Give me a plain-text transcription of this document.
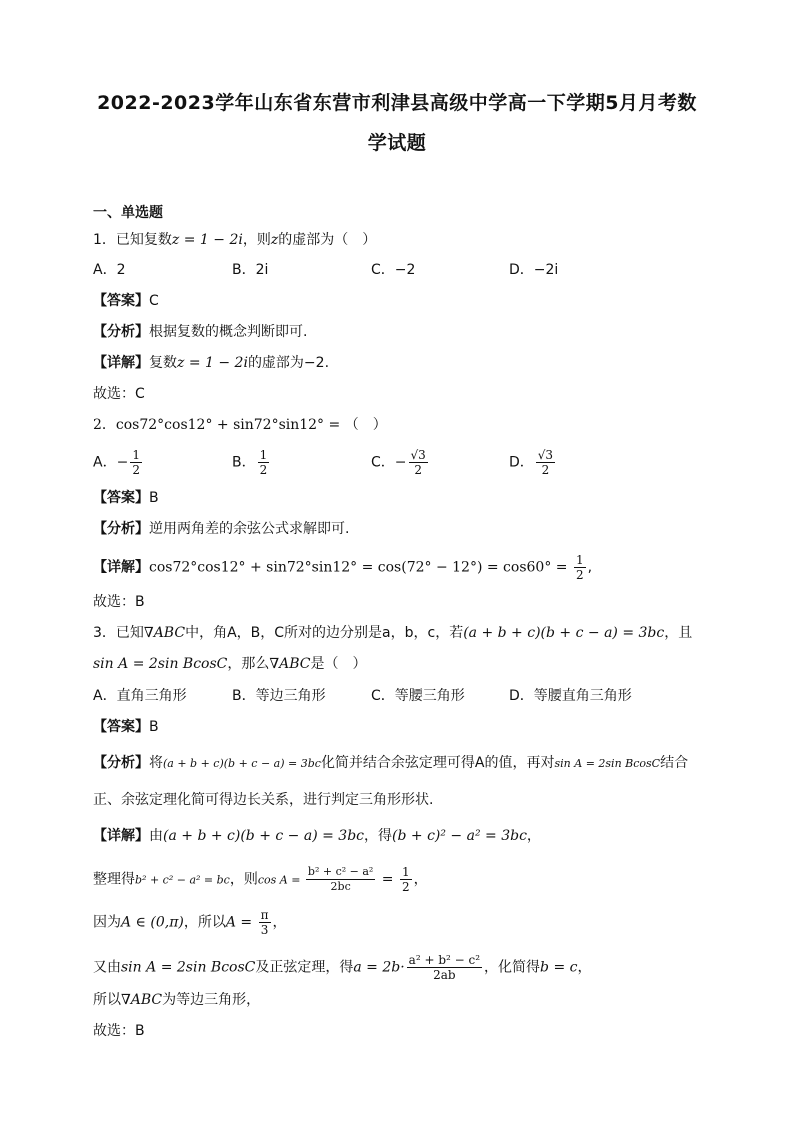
2022-2023学年山东省东营市利津县高级中学高一下学期5月月考数
学试题
一、单选题
1．已知复数z = 1 − 2i，则z的虚部为（　）
A．2	B．2i	C．−2	D．−2i
【答案】C
【分析】根据复数的概念判断即可.
【详解】复数z = 1 − 2i的虚部为−2.
故选：C
2．cos72°cos12° + sin72°sin12° = （　）
A．− $\frac{1}{2}$	B． $\frac{1}{2}$	C．− $\frac{√3}{2}$	D． $\frac{√3}{2}$
【答案】B
【分析】逆用两角差的余弦公式求解即可.
【详解】$\cos 72^\circ\cos 12^\circ + \sin 72^\circ\sin 12^\circ = \cos(72^\circ - 12^\circ) = \cos 60^\circ = \frac{1}{2}$ ,
故选：B
3．已知∇ABC中，角A，B，C所对的边分别是a，b，c，若(a + b + c)(b + c − a) = 3bc，且
sin A = 2sin BcosC，那么∇ABC是（　）
A．直角三角形	B．等边三角形	C．等腰三角形	D．等腰直角三角形
【答案】B
【分析】将(a + b + c)(b + c − a) = 3bc化简并结合余弦定理可得A的值，再对sin A = 2sin BcosC结合
正、余弦定理化简可得边长关系，进行判定三角形形状.
【详解】由(a + b + c)(b + c − a) = 3bc，得(b + c)² − a² = 3bc，
整理得b² + c² − a² = bc，则$\cos A = \frac{\text{b² + c² − a²}}{2bc} = \frac{1}{2}$ ，
因为A ∈ (0,π)，所以$A = \frac{\pi}{3}$ ，
又由sin A = 2sin BcosC及正弦定理，得$a = 2b\cdot \frac{\text{a² + b² − c²}}{2ab}$ ，化简得b = c，
所以∇ABC为等边三角形，
故选：B
